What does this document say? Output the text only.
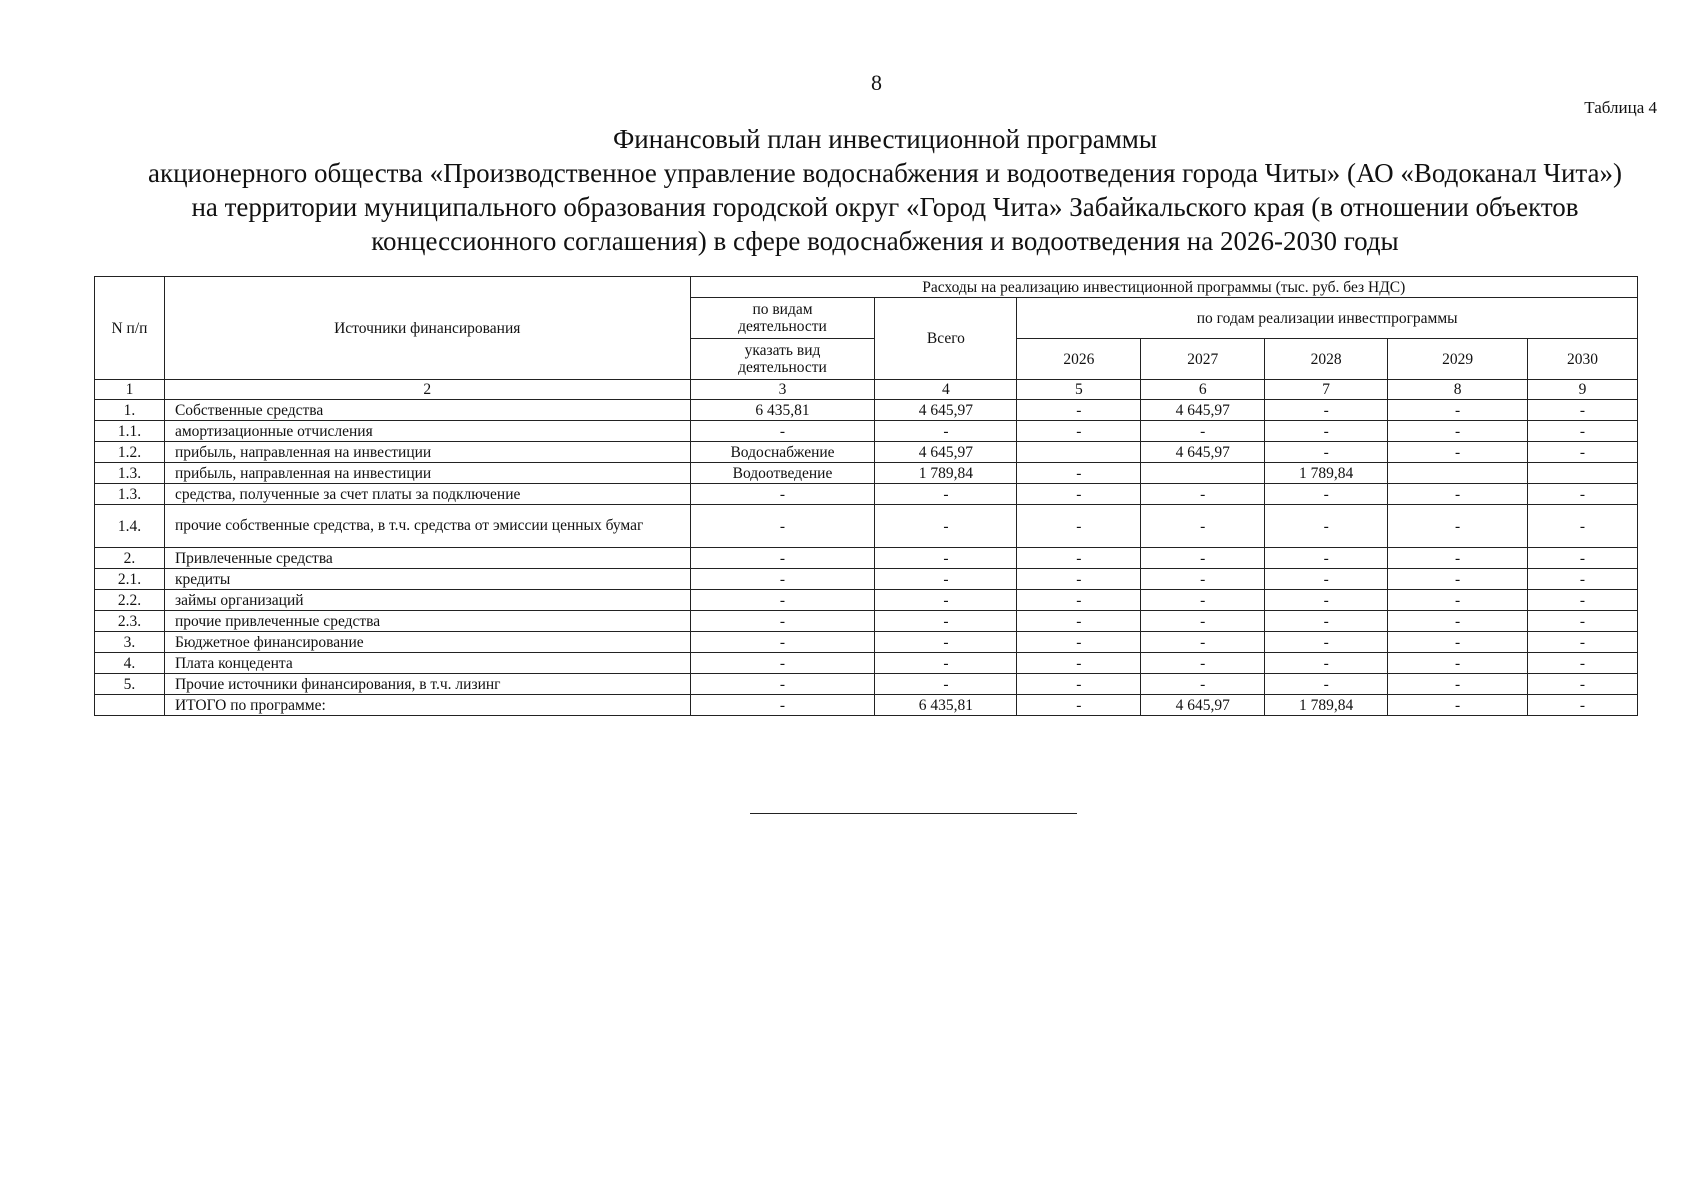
8
Таблица 4
Финансовый план инвестиционной программы
акционерного общества «Производственное управление водоснабжения и водоотведения города Читы» (АО «Водоканал Чита»)
на территории муниципального образования городской округ «Город Чита» Забайкальского края (в отношении объектов
концессионного соглашения) в сфере водоснабжения и водоотведения на 2026-2030 годы
N п/п	Источники финансирования	Расходы на реализацию инвестиционной программы (тыс. руб. без НДС)						
		по видам деятельности	Всего	по годам реализации инвестпрограммы				
		указать вид деятельности		2026	2027	2028	2029	2030
1	2	3	4	5	6	7	8	9
1.	Собственные средства	6 435,81	4 645,97	-	4 645,97	-	-	-
1.1.	амортизационные отчисления	-	-	-	-	-	-	-
1.2.	прибыль, направленная на инвестиции	Водоснабжение	4 645,97		4 645,97	-	-	-
1.3.	прибыль, направленная на инвестиции	Водоотведение	1 789,84	-		1 789,84		
1.3.	средства, полученные за счет платы за подключение	-	-	-	-	-	-	-
1.4.	прочие собственные средства, в т.ч. средства от эмиссии ценных бумаг	-	-	-	-	-	-	-
2.	Привлеченные средства	-	-	-	-	-	-	-
2.1.	кредиты	-	-	-	-	-	-	-
2.2.	займы организаций	-	-	-	-	-	-	-
2.3.	прочие привлеченные средства	-	-	-	-	-	-	-
3.	Бюджетное финансирование	-	-	-	-	-	-	-
4.	Плата концедента	-	-	-	-	-	-	-
5.	Прочие источники финансирования, в т.ч. лизинг	-	-	-	-	-	-	-
	ИТОГО по программе:	-	6 435,81	-	4 645,97	1 789,84	-	-
